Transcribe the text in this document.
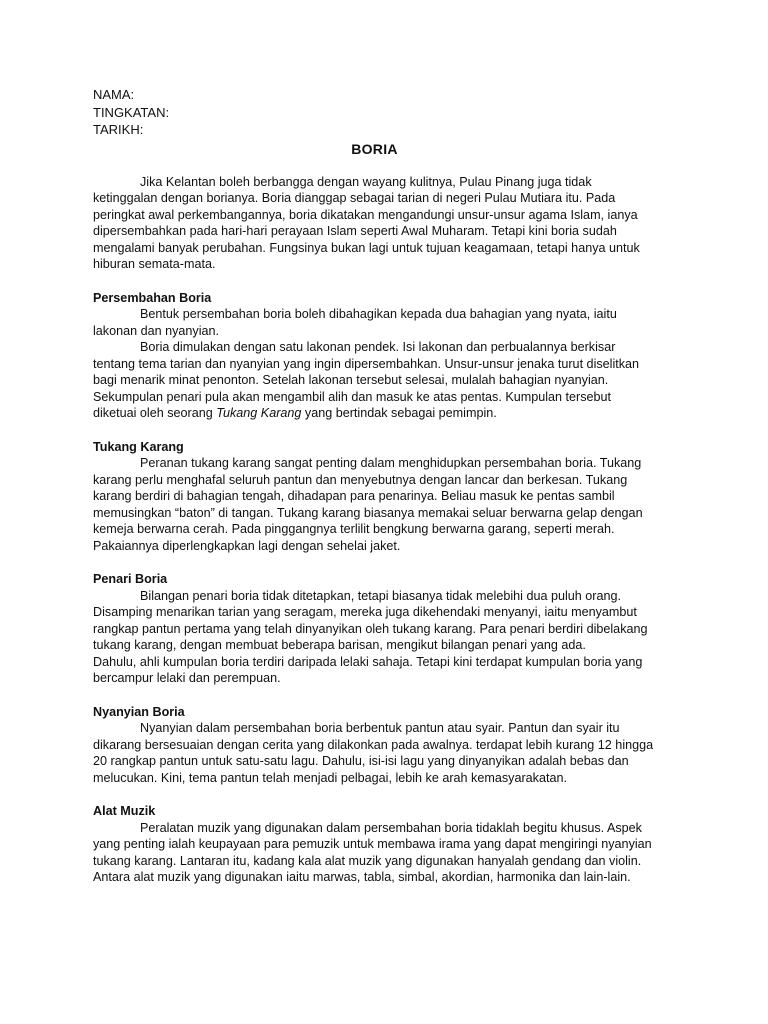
NAMA:

TINGKATAN:

TARIKH:

BORIA

Jika Kelantan boleh berbangga dengan wayang kulitnya, Pulau Pinang juga tidak ketinggalan dengan borianya. Boria dianggap sebagai tarian di negeri Pulau Mutiara itu. Pada peringkat awal perkembangannya, boria dikatakan mengandungi unsur-unsur agama Islam, ianya dipersembahkan pada hari-hari perayaan Islam seperti Awal Muharam. Tetapi kini boria sudah mengalami banyak perubahan. Fungsinya bukan lagi untuk tujuan keagamaan, tetapi hanya untuk hiburan semata-mata.

Persembahan Boria

Bentuk persembahan boria boleh dibahagikan kepada dua bahagian yang nyata, iaitu lakonan dan nyanyian.

Boria dimulakan dengan satu lakonan pendek. Isi lakonan dan perbualannya berkisar tentang tema tarian dan nyanyian yang ingin dipersembahkan. Unsur-unsur jenaka turut diselitkan bagi menarik minat penonton. Setelah lakonan tersebut selesai, mulalah bahagian nyanyian. Sekumpulan penari pula akan mengambil alih dan masuk ke atas pentas. Kumpulan tersebut diketuai oleh seorang Tukang Karang yang bertindak sebagai pemimpin.

Tukang Karang

Peranan tukang karang sangat penting dalam menghidupkan persembahan boria. Tukang karang perlu menghafal seluruh pantun dan menyebutnya dengan lancar dan berkesan. Tukang karang berdiri di bahagian tengah, dihadapan para penarinya. Beliau masuk ke pentas sambil memusingkan “baton” di tangan. Tukang karang biasanya memakai seluar berwarna gelap dengan kemeja berwarna cerah. Pada pinggangnya terlilit bengkung berwarna garang, seperti merah. Pakaiannya diperlengkapkan lagi dengan sehelai jaket.

Penari Boria

Bilangan penari boria tidak ditetapkan, tetapi biasanya tidak melebihi dua puluh orang. Disamping menarikan tarian yang seragam, mereka juga dikehendaki menyanyi, iaitu menyambut rangkap pantun pertama yang telah dinyanyikan oleh tukang karang. Para penari berdiri dibelakang tukang karang, dengan membuat beberapa barisan, mengikut bilangan penari yang ada.

Dahulu, ahli kumpulan boria terdiri daripada lelaki sahaja. Tetapi kini terdapat kumpulan boria yang bercampur lelaki dan perempuan.

Nyanyian Boria

Nyanyian dalam persembahan boria berbentuk pantun atau syair. Pantun dan syair itu dikarang bersesuaian dengan cerita yang dilakonkan pada awalnya. terdapat lebih kurang 12 hingga 20 rangkap pantun untuk satu-satu lagu. Dahulu, isi-isi lagu yang dinyanyikan adalah bebas dan melucukan. Kini, tema pantun telah menjadi pelbagai, lebih ke arah kemasyarakatan.

Alat Muzik

Peralatan muzik yang digunakan dalam persembahan boria tidaklah begitu khusus. Aspek yang penting ialah keupayaan para pemuzik untuk membawa irama yang dapat mengiringi nyanyian tukang karang. Lantaran itu, kadang kala alat muzik yang digunakan hanyalah gendang dan violin. Antara alat muzik yang digunakan iaitu marwas, tabla, simbal, akordian, harmonika dan lain-lain.
